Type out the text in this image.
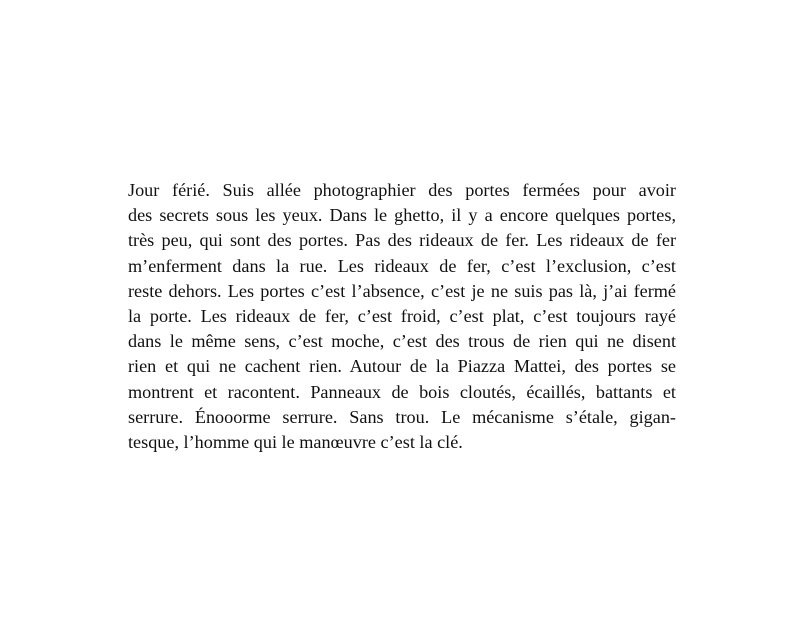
Jour férié. Suis allée photographier des portes fermées pour avoir
des secrets sous les yeux. Dans le ghetto, il y a encore quelques portes,
très peu, qui sont des portes. Pas des rideaux de fer. Les rideaux de fer
m’enferment dans la rue. Les rideaux de fer, c’est l’exclusion, c’est
reste dehors. Les portes c’est l’absence, c’est je ne suis pas là, j’ai fermé
la porte. Les rideaux de fer, c’est froid, c’est plat, c’est toujours rayé
dans le même sens, c’est moche, c’est des trous de rien qui ne disent
rien et qui ne cachent rien. Autour de la Piazza Mattei, des portes se
montrent et racontent. Panneaux de bois cloutés, écaillés, battants et
serrure. Énooorme serrure. Sans trou. Le mécanisme s’étale, gigan-
tesque, l’homme qui le manœuvre c’est la clé.
